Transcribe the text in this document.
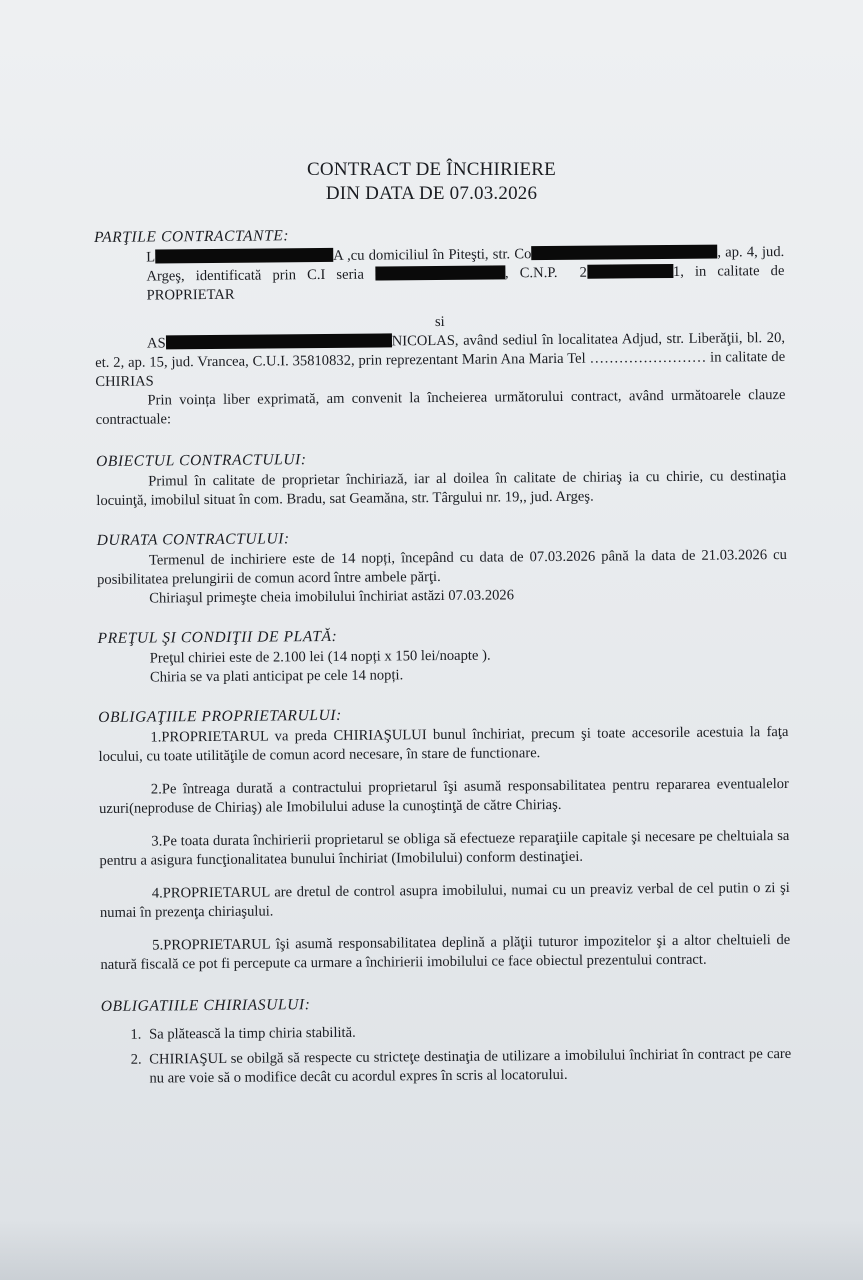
CONTRACT DE ÎNCHIRIERE
DIN DATA DE 07.03.2026
PARŢILE CONTRACTANTE:

L	A ,cu domiciliul în Piteşti, str. Co	, ap. 4, jud. Argeş, identificată prin C.I seria	, C.N.P. 2	1, in calitate de PROPRIETAR

si

AS	NICOLAS, având sediul în localitatea Adjud, str. Liberăţii, bl. 20, et. 2, ap. 15, jud. Vrancea, C.U.I. 35810832, prin reprezentant Marin Ana Maria Tel …………………… in calitate de CHIRIAS

Prin voința liber exprimată, am convenit la încheierea următorului contract, având următoarele clauze contractuale:

OBIECTUL CONTRACTULUI:

Primul în calitate de proprietar închiriază, iar al doilea în calitate de chiriaş ia cu chirie, cu destinaţia locuinţă, imobilul situat în com. Bradu, sat Geamăna, str. Târgului nr. 19,, jud. Argeş.

DURATA CONTRACTULUI:

Termenul de inchiriere este de 14 nopți, începând cu data de 07.03.2026 până la data de 21.03.2026 cu posibilitatea prelungirii de comun acord între ambele părţi.

Chiriaşul primeşte cheia imobilului închiriat astăzi 07.03.2026

PREŢUL ŞI CONDIŢII DE PLATĂ:

Preţul chiriei este de 2.100 lei (14 nopți x 150 lei/noapte ).

Chiria se va plati anticipat pe cele 14 nopți.

OBLIGAŢIILE PROPRIETARULUI:

1.PROPRIETARUL va preda CHIRIAŞULUI bunul închiriat, precum şi toate accesorile acestuia la faţa locului, cu toate utilităţile de comun acord necesare, în stare de functionare.

2.Pe întreaga durată a contractului proprietarul îşi asumă responsabilitatea pentru repararea eventualelor uzuri(neproduse de Chiriaş) ale Imobilului aduse la cunoştinţă de către Chiriaş.

3.Pe toata durata închirierii proprietarul se obliga să efectueze reparaţiile capitale şi necesare pe cheltuiala sa pentru a asigura funcţionalitatea bunului închiriat (Imobilului) conform destinaţiei.

4.PROPRIETARUL are dretul de control asupra imobilului, numai cu un preaviz verbal de cel putin o zi şi numai în prezenţa chiriaşului.

5.PROPRIETARUL îşi asumă responsabilitatea deplină a plăţii tuturor impozitelor şi a altor cheltuieli de natură fiscală ce pot fi percepute ca urmare a închirierii imobilului ce face obiectul prezentului contract.

OBLIGATIILE CHIRIASULUI:
1. Sa plătească la timp chiria stabilită.
2. CHIRIAŞUL se obilgă să respecte cu stricteţe destinaţia de utilizare a imobilului închiriat în contract pe care nu are voie să o modifice decât cu acordul expres în scris al locatorului.
